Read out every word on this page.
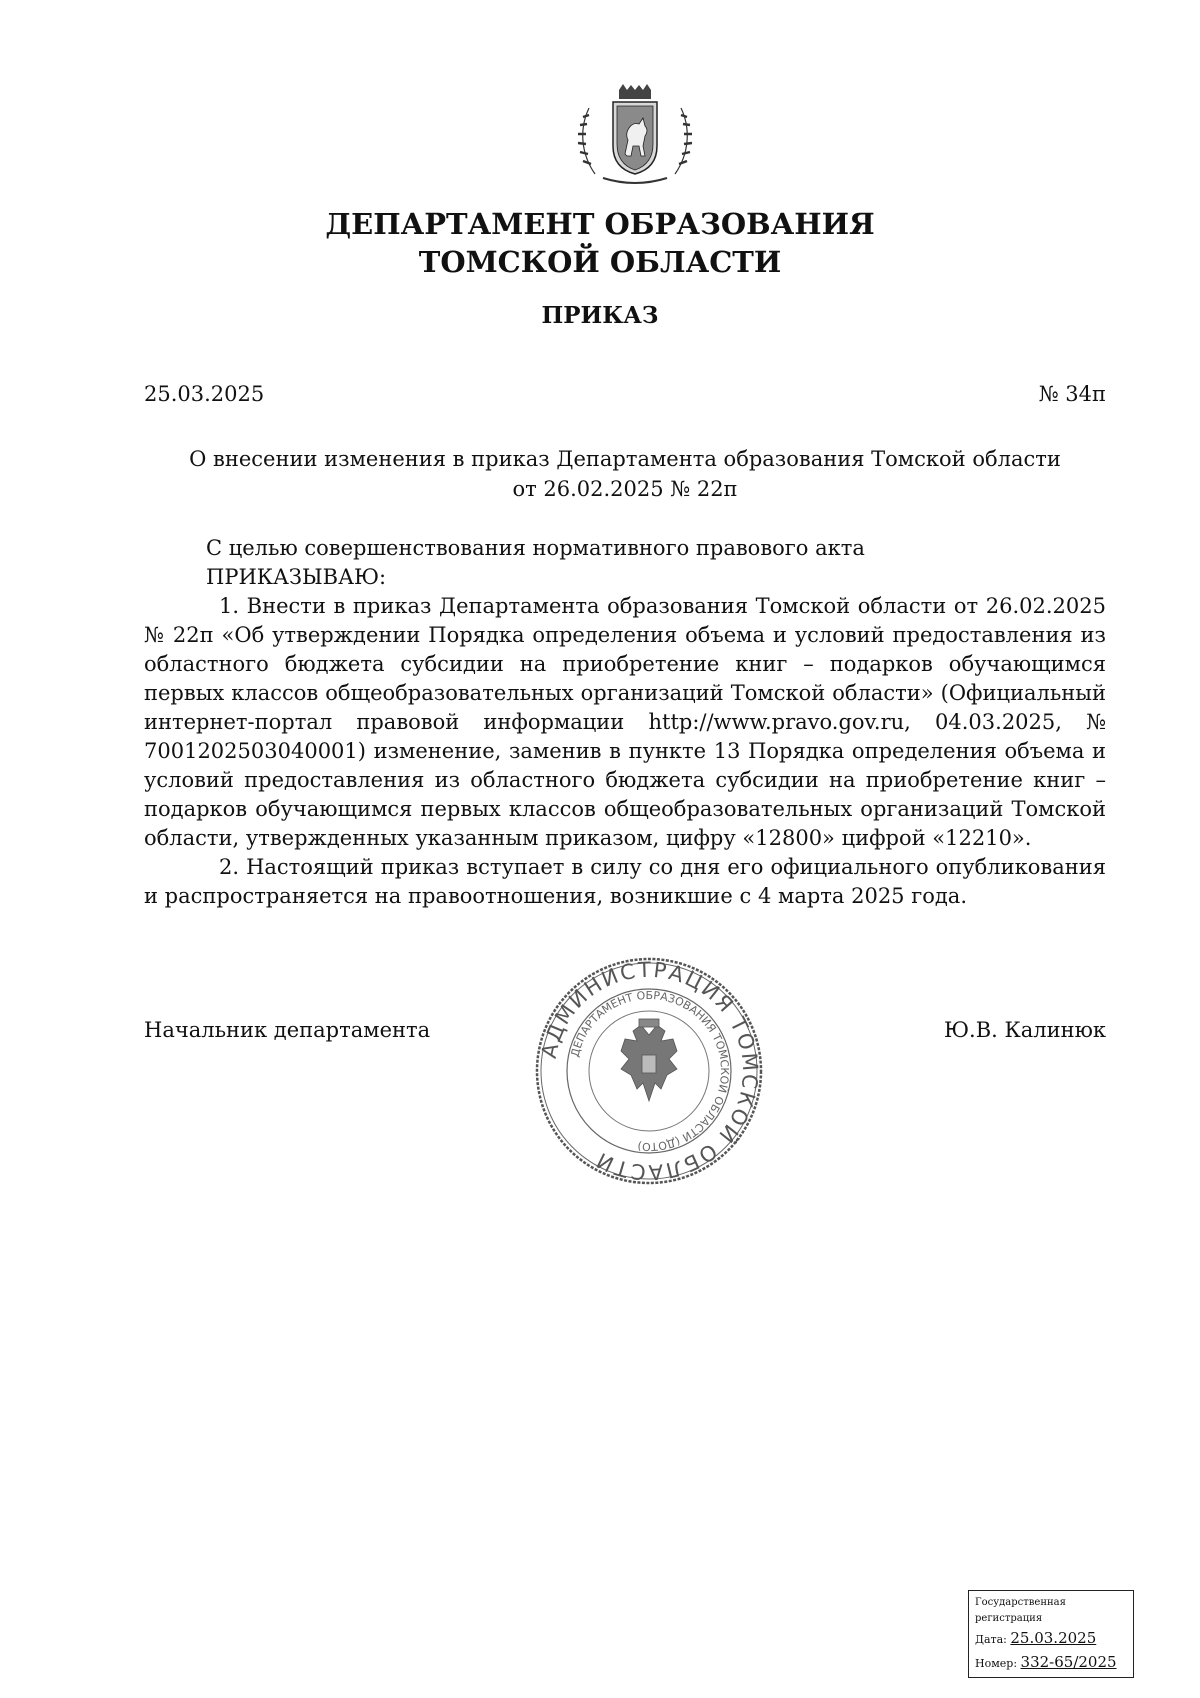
ДЕПАРТАМЕНТ ОБРАЗОВАНИЯ
ТОМСКОЙ ОБЛАСТИ
ПРИКАЗ
25.03.2025	№ 34п
О внесении изменения в приказ Департамента образования Томской области
от 26.02.2025 № 22п

С целью совершенствования нормативного правового акта

ПРИКАЗЫВАЮ:

1. Внести в приказ Департамента образования Томской области от 26.02.2025 № 22п «Об утверждении Порядка определения объема и условий предоставления из областного бюджета субсидии на приобретение книг – подарков обучающимся первых классов общеобразовательных организаций Томской области» (Официальный интернет-портал правовой информации http://www.pravo.gov.ru, 04.03.2025, № 7001202503040001) изменение, заменив в пункте 13 Порядка определения объема и условий предоставления из областного бюджета субсидии на приобретение книг – подарков обучающимся первых классов общеобразовательных организаций Томской области, утвержденных указанным приказом, цифру «12800» цифрой «12210».

2. Настоящий приказ вступает в силу со дня его официального опубликования и распространяется на правоотношения, возникшие с 4 марта 2025 года.

Начальник департамента	Ю.В. Калинюк
АДМИНИСТРАЦИЯ ТОМСКОЙ ОБЛАСТИ
ДЕПАРТАМЕНТ ОБРАЗОВАНИЯ ТОМСКОЙ ОБЛАСТИ (ДОТО)
Государственная регистрация
Дата: 25.03.2025
Номер: 332-65/2025
